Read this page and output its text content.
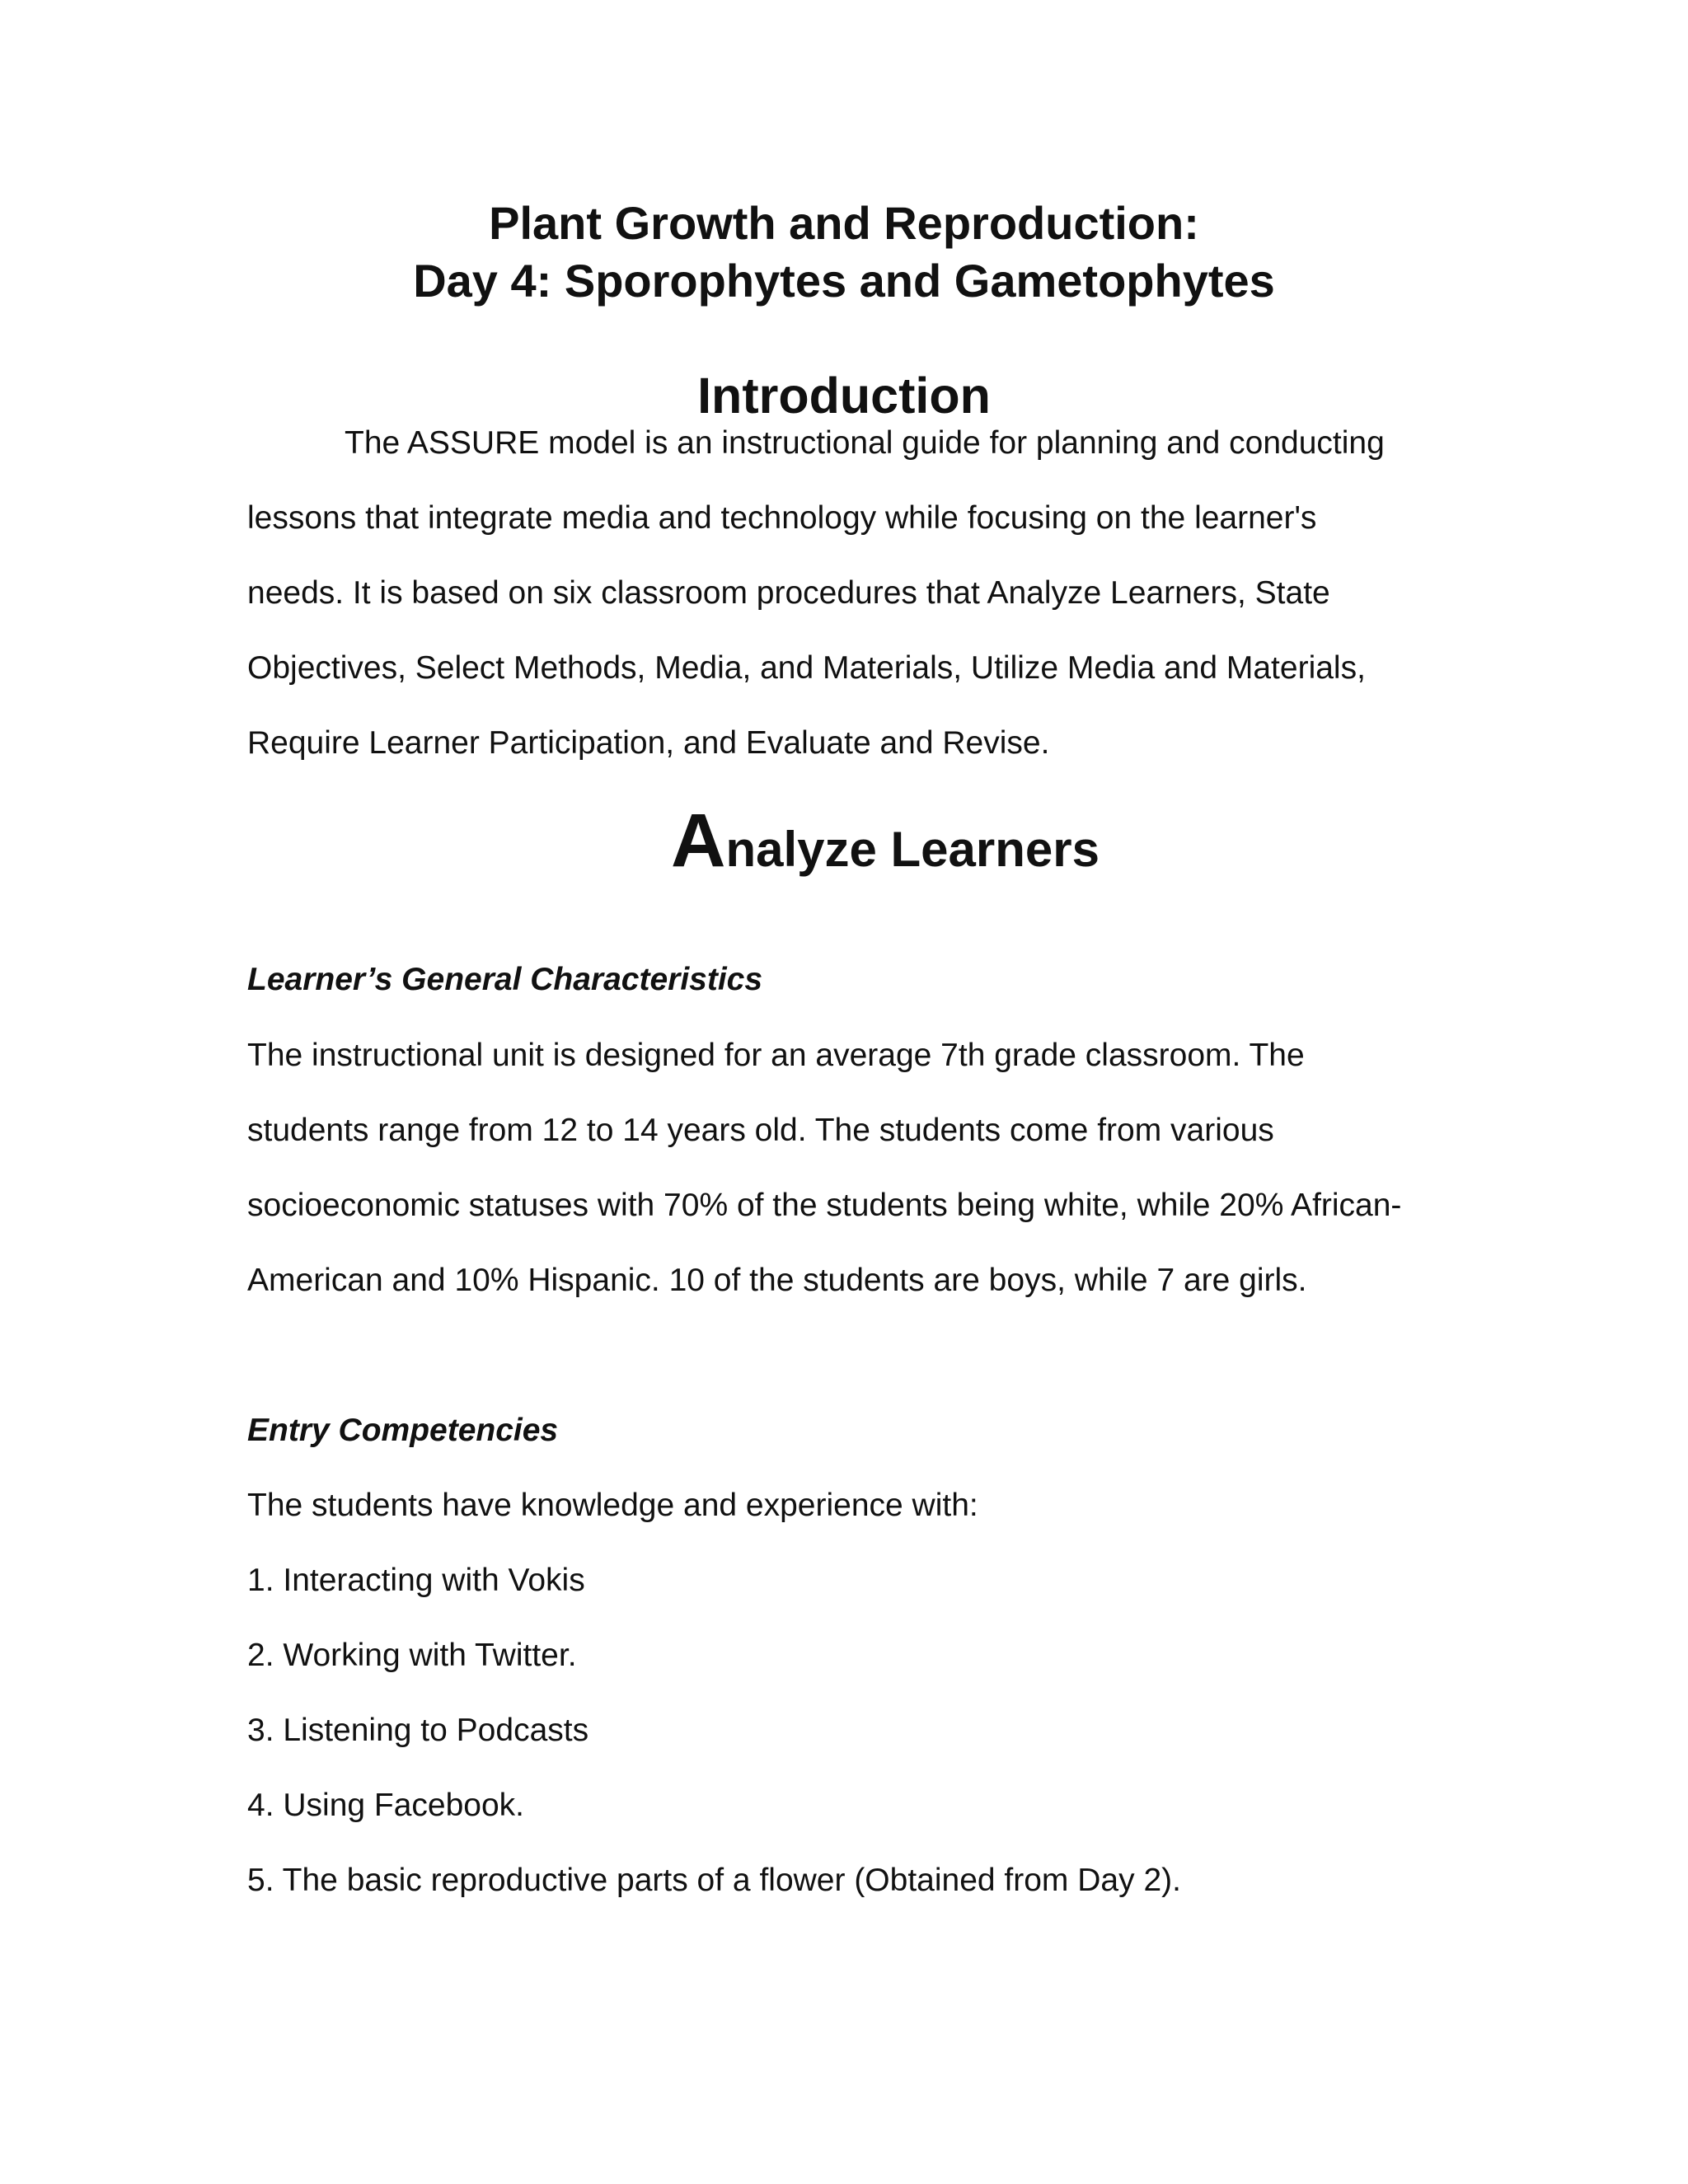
Plant Growth and Reproduction:
Day 4: Sporophytes and Gametophytes
Introduction
The ASSURE model is an instructional guide for planning and conducting
lessons that integrate media and technology while focusing on the learner's
needs. It is based on six classroom procedures that Analyze Learners, State
Objectives, Select Methods, Media, and Materials, Utilize Media and Materials,
Require Learner Participation, and Evaluate and Revise.
Analyze Learners
Learner’s General Characteristics
The instructional unit is designed for an average 7th grade classroom. The
students range from 12 to 14 years old. The students come from various
socioeconomic statuses with 70% of the students being white, while 20% African-
American and 10% Hispanic. 10 of the students are boys, while 7 are girls.
Entry Competencies
The students have knowledge and experience with:
1. Interacting with Vokis
2. Working with Twitter.
3. Listening to Podcasts
4. Using Facebook.
5. The basic reproductive parts of a flower (Obtained from Day 2).
